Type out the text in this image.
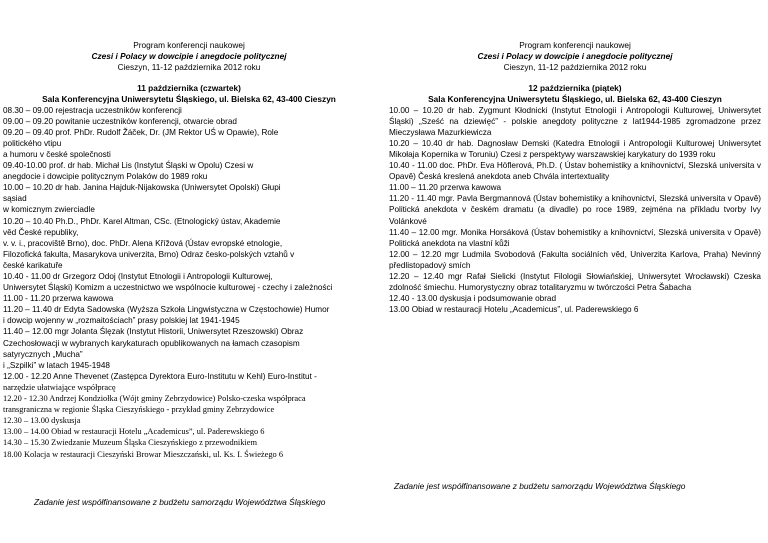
Program konferencji naukowej
Czesi i Polacy w dowcipie i anegdocie politycznej
Cieszyn, 11-12 października 2012 roku
11 października (czwartek)
Sala Konferencyjna Uniwersytetu Śląskiego, ul. Bielska 62, 43-400 Cieszyn
08.30 – 09.00 rejestracja uczestników konferencji
09.00 – 09.20 powitanie uczestników konferencji, otwarcie obrad
09.20 – 09.40 prof. PhDr. Rudolf Žáček, Dr. (JM Rektor UŚ w Opawie), Role
politického vtipu
a humoru v české společnosti
09.40-10.00 prof. dr hab. Michał Lis (Instytut Śląski w Opolu) Czesi w
anegdocie i dowcipie politycznym Polaków do 1989 roku
10.00 – 10.20 dr hab. Janina Hajduk-Nijakowska (Uniwersytet Opolski) Głupi
sąsiad
w komicznym zwierciadle
10.20 – 10.40 Ph.D., PhDr. Karel Altman, CSc. (Etnologický ústav, Akademie
věd České republiky,
v. v. i., pracoviště Brno), doc. PhDr. Alena Křížová (Ústav evropské etnologie,
Filozofická fakulta, Masarykova univerzita, Brno) Odraz česko-polských vztahů v
české karikatuře
10.40 - 11.00 dr Grzegorz Odoj (Instytut Etnologii i Antropologii Kulturowej,
Uniwersytet Śląski) Komizm a uczestnictwo we wspólnocie kulturowej - czechy i zależności
11.00 - 11.20 przerwa kawowa
11.20 – 11.40 dr Edyta Sadowska (Wyższa Szkoła Lingwistyczna w Częstochowie) Humor
i dowcip wojenny w „rozmaitościach” prasy polskiej lat 1941-1945
11.40 – 12.00 mgr Jolanta Ślęzak (Instytut Historii, Uniwersytet Rzeszowski) Obraz
Czechosłowacji w wybranych karykaturach opublikowanych na łamach czasopism
satyrycznych „Mucha”
i „Szpilki” w latach 1945-1948
12.00 - 12.20 Anne Thevenet (Zastępca Dyrektora Euro-Institutu w Kehl) Euro-Institut -
narzędzie ułatwiające współpracę
12.20 - 12.30 Andrzej Kondziołka (Wójt gminy Zebrzydowice) Polsko-czeska współpraca
transgraniczna w regionie Śląska Cieszyńskiego - przykład gminy Zebrzydowice
12.30 – 13.00 dyskusja
13.00 – 14.00 Obiad w restauracji Hotelu „Academicus”, ul. Paderewskiego 6
14.30 – 15.30 Zwiedzanie Muzeum Śląska Cieszyńskiego z przewodnikiem
18.00 Kolacja w restauracji Cieszyński Browar Mieszczański, ul. Ks. I. Świeżego 6
Program konferencji naukowej
Czesi i Polacy w dowcipie i anegdocie politycznej
Cieszyn, 11-12 października 2012 roku
12 października (piątek)
Sala Konferencyjna Uniwersytetu Śląskiego, ul. Bielska 62, 43-400 Cieszyn
10.00 – 10.20 dr hab. Zygmunt Kłodnicki (Instytut Etnologii i Antropologii Kulturowej, Uniwersytet Śląski) „Sześć na dziewięć” - polskie anegdoty polityczne z lat1944-1985 zgromadzone przez Mieczysława Mazurkiewicza
10.20 – 10.40 dr hab. Dagnosław Demski (Katedra Etnologii i Antropologii Kulturowej Uniwersytet Mikołaja Kopernika w Toruniu) Czesi z perspektywy warszawskiej karykatury do 1939 roku
10.40 - 11.00 doc. PhDr. Eva Höflerová, Ph.D. ( Ústav bohemistiky a knihovnictví, Slezská universita v Opavě) Česká kreslená anekdota aneb Chvála intertextuality
11.00 – 11.20 przerwa kawowa
11.20 - 11.40 mgr. Pavla Bergmannová (Ústav bohemistiky a knihovnictví, Slezská universita v Opavě) Politická anekdota v českém dramatu (a divadle) po roce 1989, zejména na příkladu tvorby Ivy Volánkové
11.40 – 12.00 mgr. Monika Horsáková (Ústav bohemistiky a knihovnictví, Slezská universita v Opavě) Politická anekdota na vlastní kůži
12.00 – 12.20 mgr Ludmila Svobodová (Fakulta sociálních věd, Univerzita Karlova, Praha) Nevinný předlistopadový smích
12.20 – 12.40 mgr Rafał Sielicki (Instytut Filologii Słowiańskiej, Uniwersytet Wrocławski) Czeska zdolność śmiechu. Humorystyczny obraz totalitaryzmu w twórczości Petra Šabacha
12.40 - 13.00 dyskusja i podsumowanie obrad
13.00 Obiad w restauracji Hotelu „Academicus”, ul. Paderewskiego 6
Zadanie jest współfinansowane z budżetu samorządu Województwa Śląskiego
Zadanie jest współfinansowane z budżetu samorządu Województwa Śląskiego
